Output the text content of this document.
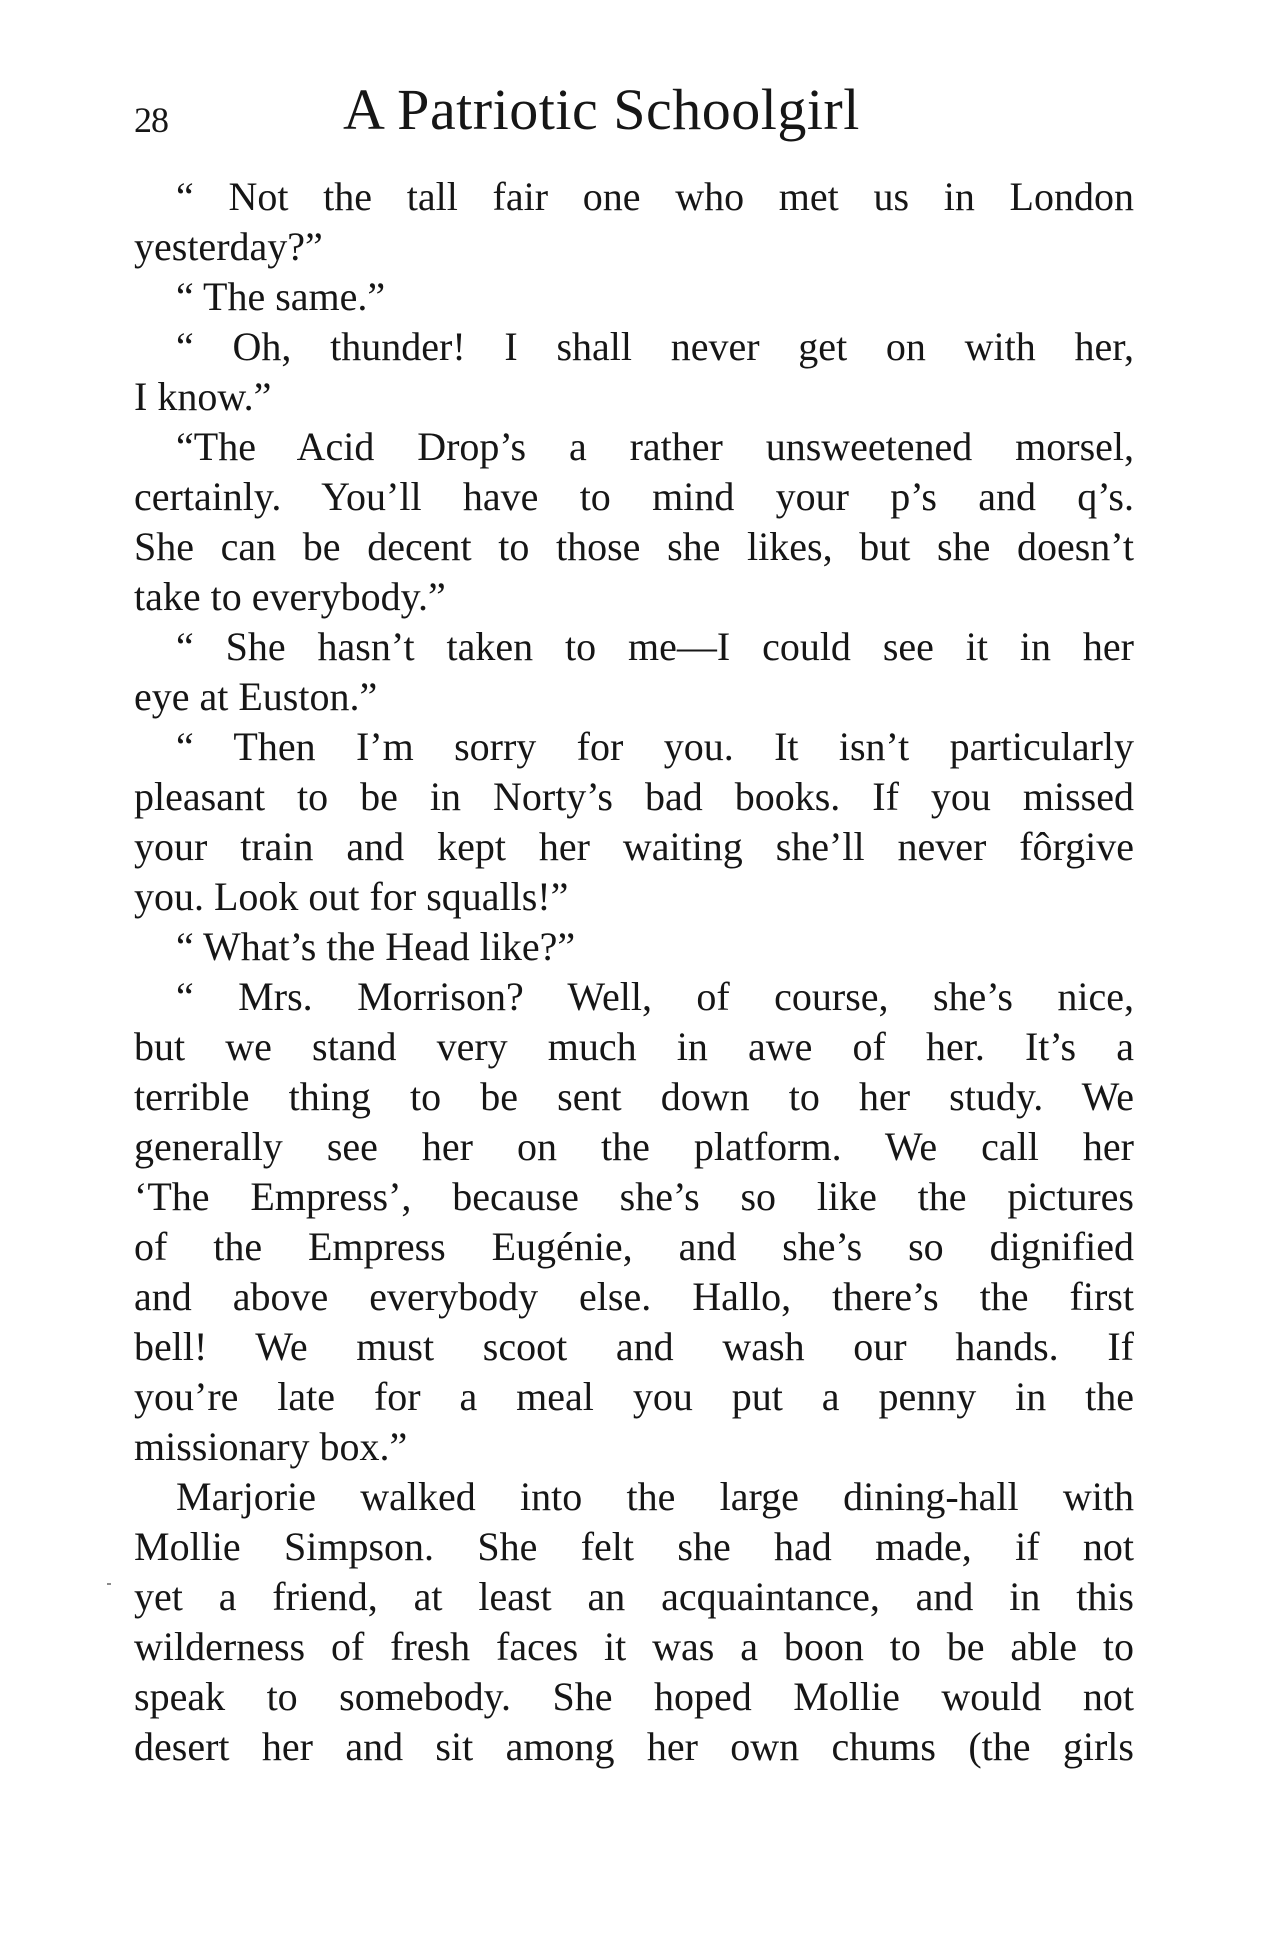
28	A Patriotic Schoolgirl
“ Not the tall fair one who met us in London
yesterday?”
“ The same.”
“ Oh, thunder! I shall never get on with her,
I know.”
“The Acid Drop’s a rather unsweetened morsel,
certainly. You’ll have to mind your p’s and q’s.
She can be decent to those she likes, but she doesn’t
take to everybody.”
“ She hasn’t taken to me—I could see it in her
eye at Euston.”
“ Then I’m sorry for you. It isn’t particularly
pleasant to be in Norty’s bad books. If you missed
your train and kept her waiting she’ll never fôrgive
you. Look out for squalls!”
“ What’s the Head like?”
“ Mrs. Morrison? Well, of course, she’s nice,
but we stand very much in awe of her. It’s a
terrible thing to be sent down to her study. We
generally see her on the platform. We call her
‘The Empress’, because she’s so like the pictures
of the Empress Eugénie, and she’s so dignified
and above everybody else. Hallo, there’s the first
bell! We must scoot and wash our hands. If
you’re late for a meal you put a penny in the
missionary box.”
Marjorie walked into the large dining-hall with
Mollie Simpson. She felt she had made, if not
yet a friend, at least an acquaintance, and in this
wilderness of fresh faces it was a boon to be able to
speak to somebody. She hoped Mollie would not
desert her and sit among her own chums (the girls
